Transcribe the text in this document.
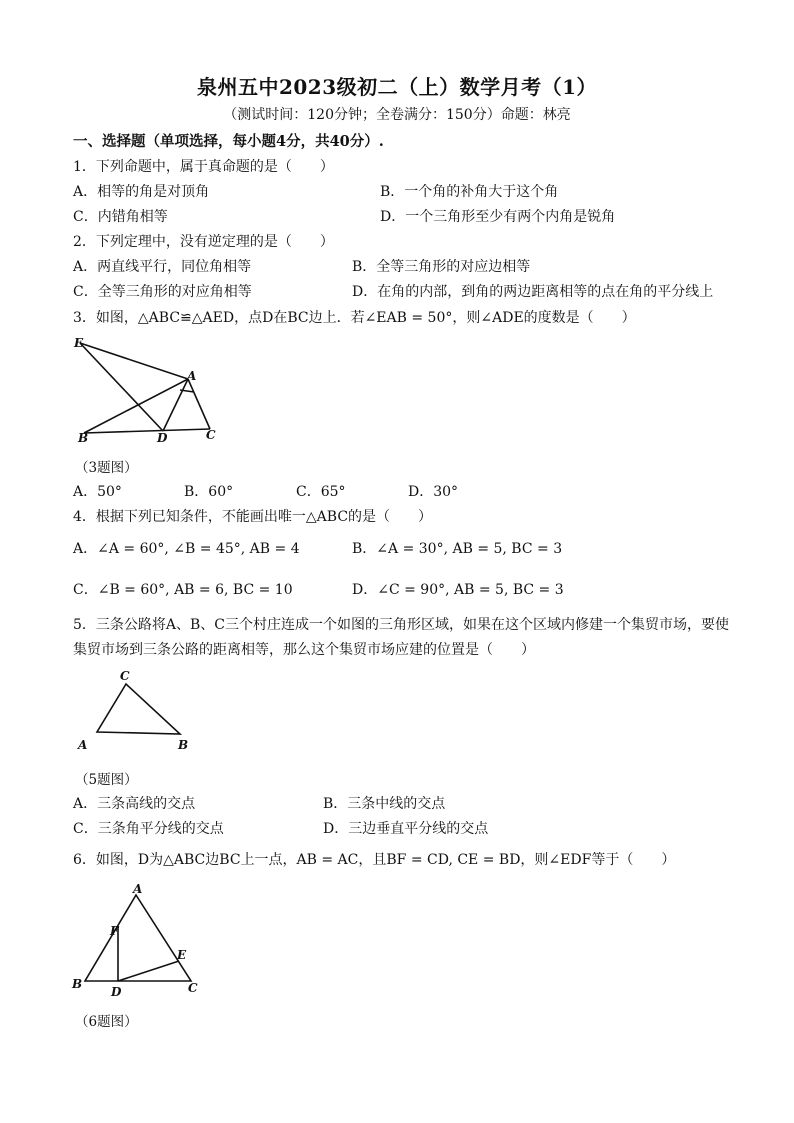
泉州五中2023级初二（上）数学月考（1）
（测试时间：120分钟；全卷满分：150分）命题：林亮
一、选择题（单项选择，每小题4分，共40分）.
1．下列命题中，属于真命题的是（　　）
A．相等的角是对顶角	B．一个角的补角大于这个角
C．内错角相等	D．一个三角形至少有两个内角是锐角
2．下列定理中，没有逆定理的是（　　）
A．两直线平行，同位角相等	B．全等三角形的对应边相等
C．全等三角形的对应角相等	D．在角的内部，到角的两边距离相等的点在角的平分线上
3．如图，△ABC≌△AED，点D在BC边上．若∠EAB = 50°，则∠ADE的度数是（　　）
E
A
B	D	C
（3题图）
A．50°	B．60°	C．65°	D．30°
4．根据下列已知条件，不能画出唯一△ABC的是（　　）
A．∠A = 60°, ∠B = 45°, AB = 4	B．∠A = 30°, AB = 5, BC = 3
C．∠B = 60°, AB = 6, BC = 10	D．∠C = 90°, AB = 5, BC = 3
5．三条公路将A、B、C三个村庄连成一个如图的三角形区域，如果在这个区域内修建一个集贸市场，要使
集贸市场到三条公路的距离相等，那么这个集贸市场应建的位置是（　　）
C
A	B
（5题图）
A．三条高线的交点	B．三条中线的交点
C．三条角平分线的交点	D．三边垂直平分线的交点
6．如图，D为△ABC边BC上一点，AB = AC，且BF = CD, CE = BD，则∠EDF等于（　　）
A
F
E
B
D	C
（6题图）
